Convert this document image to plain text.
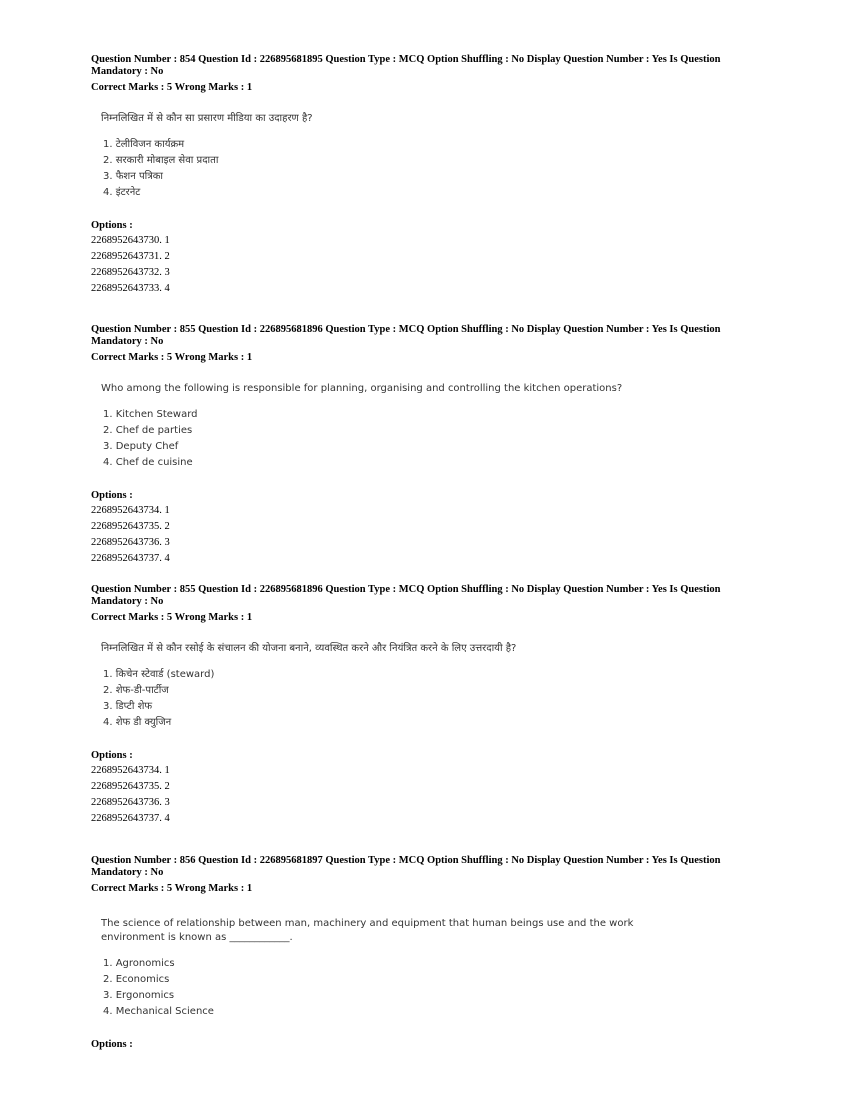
Question Number : 854 Question Id : 226895681895 Question Type : MCQ Option Shuffling : No Display Question Number : Yes Is Question Mandatory : No

Correct Marks : 5 Wrong Marks : 1
निम्नलिखित में से कौन सा प्रसारण मीडिया का उदाहरण है?
1. टेलीविजन कार्यक्रम
2. सरकारी मोबाइल सेवा प्रदाता
3. फैशन पत्रिका
4. इंटरनेट
Options :
2268952643730. 1
2268952643731. 2
2268952643732. 3
2268952643733. 4

Question Number : 855 Question Id : 226895681896 Question Type : MCQ Option Shuffling : No Display Question Number : Yes Is Question Mandatory : No

Correct Marks : 5 Wrong Marks : 1
Who among the following is responsible for planning, organising and controlling the kitchen operations?
1. Kitchen Steward
2. Chef de parties
3. Deputy Chef
4. Chef de cuisine
Options :
2268952643734. 1
2268952643735. 2
2268952643736. 3
2268952643737. 4

Question Number : 855 Question Id : 226895681896 Question Type : MCQ Option Shuffling : No Display Question Number : Yes Is Question Mandatory : No

Correct Marks : 5 Wrong Marks : 1
निम्नलिखित में से कौन रसोई के संचालन की योजना बनाने, व्यवस्थित करने और नियंत्रित करने के लिए उत्तरदायी है?
1. किचेन स्टेवार्ड (steward)
2. शेफ-डी-पार्टीज
3. डिप्टी शेफ
4. शेफ डी क्युजिन
Options :
2268952643734. 1
2268952643735. 2
2268952643736. 3
2268952643737. 4

Question Number : 856 Question Id : 226895681897 Question Type : MCQ Option Shuffling : No Display Question Number : Yes Is Question Mandatory : No

Correct Marks : 5 Wrong Marks : 1
The science of relationship between man, machinery and equipment that human beings use and the work environment is known as ____________.
1. Agronomics
2. Economics
3. Ergonomics
4. Mechanical Science
Options :
